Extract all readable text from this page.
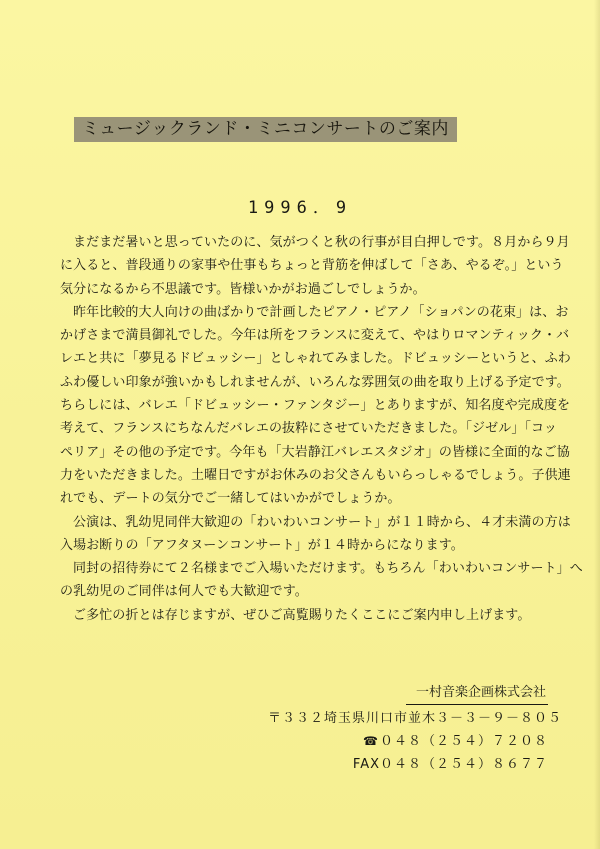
ミュージックランド・ミニコンサートのご案内
1996．9
まだまだ暑いと思っていたのに、気がつくと秋の行事が目白押しです。８月から９月
に入ると、普段通りの家事や仕事もちょっと背筋を伸ばして「さあ、やるぞ。」という
気分になるから不思議です。皆様いかがお過ごしでしょうか。
昨年比較的大人向けの曲ばかりで計画したピアノ・ピアノ「ショパンの花束」は、お
かげさまで満員御礼でした。今年は所をフランスに変えて、やはりロマンティック・バ
レエと共に「夢見るドビュッシー」としゃれてみました。ドビュッシーというと、ふわ
ふわ優しい印象が強いかもしれませんが、いろんな雰囲気の曲を取り上げる予定です。
ちらしには、バレエ「ドビュッシー・ファンタジー」とありますが、知名度や完成度を
考えて、フランスにちなんだバレエの抜粋にさせていただきました。「ジゼル」「コッ
ペリア」その他の予定です。今年も「大岩静江バレエスタジオ」の皆様に全面的なご協
力をいただきました。土曜日ですがお休みのお父さんもいらっしゃるでしょう。子供連
れでも、デートの気分でご一緒してはいかがでしょうか。
公演は、乳幼児同伴大歓迎の「わいわいコンサート」が１１時から、４才未満の方は
入場お断りの「アフタヌーンコンサート」が１４時からになります。
同封の招待券にて２名様までご入場いただけます。もちろん「わいわいコンサート」へ
の乳幼児のご同伴は何人でも大歓迎です。
ご多忙の折とは存じますが、ぜひご高覧賜りたくここにご案内申し上げます。
一村音楽企画株式会社
〒３３２埼玉県川口市並木３－３－９－８０５
☎０４８（２５４）７２０８
FAX０４８（２５４）８６７７
